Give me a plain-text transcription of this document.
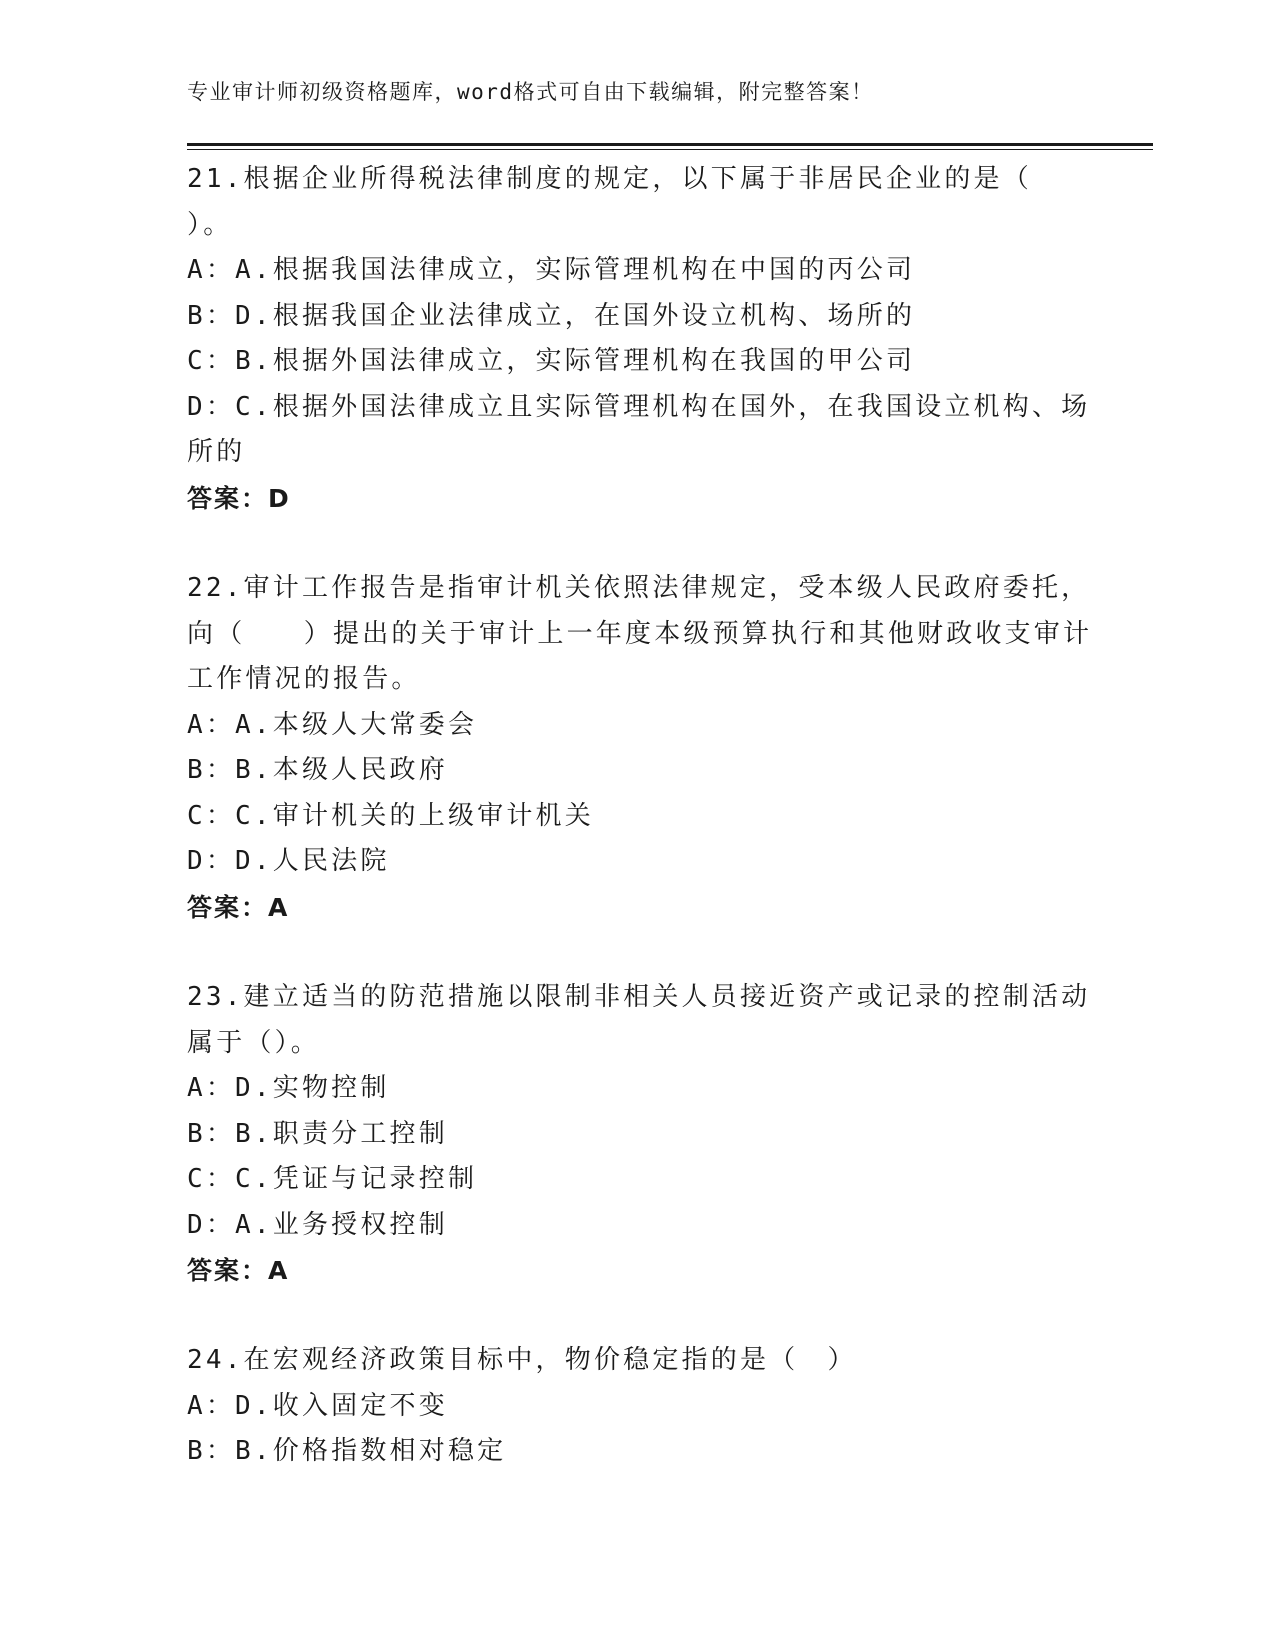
专业审计师初级资格题库，word格式可自由下载编辑，附完整答案！
21.根据企业所得税法律制度的规定，以下属于非居民企业的是（
）。
A：A.根据我国法律成立，实际管理机构在中国的丙公司
B：D.根据我国企业法律成立，在国外设立机构、场所的
C：B.根据外国法律成立，实际管理机构在我国的甲公司
D：C.根据外国法律成立且实际管理机构在国外，在我国设立机构、场
所的
答案：D
22.审计工作报告是指审计机关依照法律规定，受本级人民政府委托，
向（　　）提出的关于审计上一年度本级预算执行和其他财政收支审计
工作情况的报告。
A：A.本级人大常委会
B：B.本级人民政府
C：C.审计机关的上级审计机关
D：D.人民法院
答案：A
23.建立适当的防范措施以限制非相关人员接近资产或记录的控制活动
属于（）。
A：D.实物控制
B：B.职责分工控制
C：C.凭证与记录控制
D：A.业务授权控制
答案：A
24.在宏观经济政策目标中，物价稳定指的是（　）
A：D.收入固定不变
B：B.价格指数相对稳定
